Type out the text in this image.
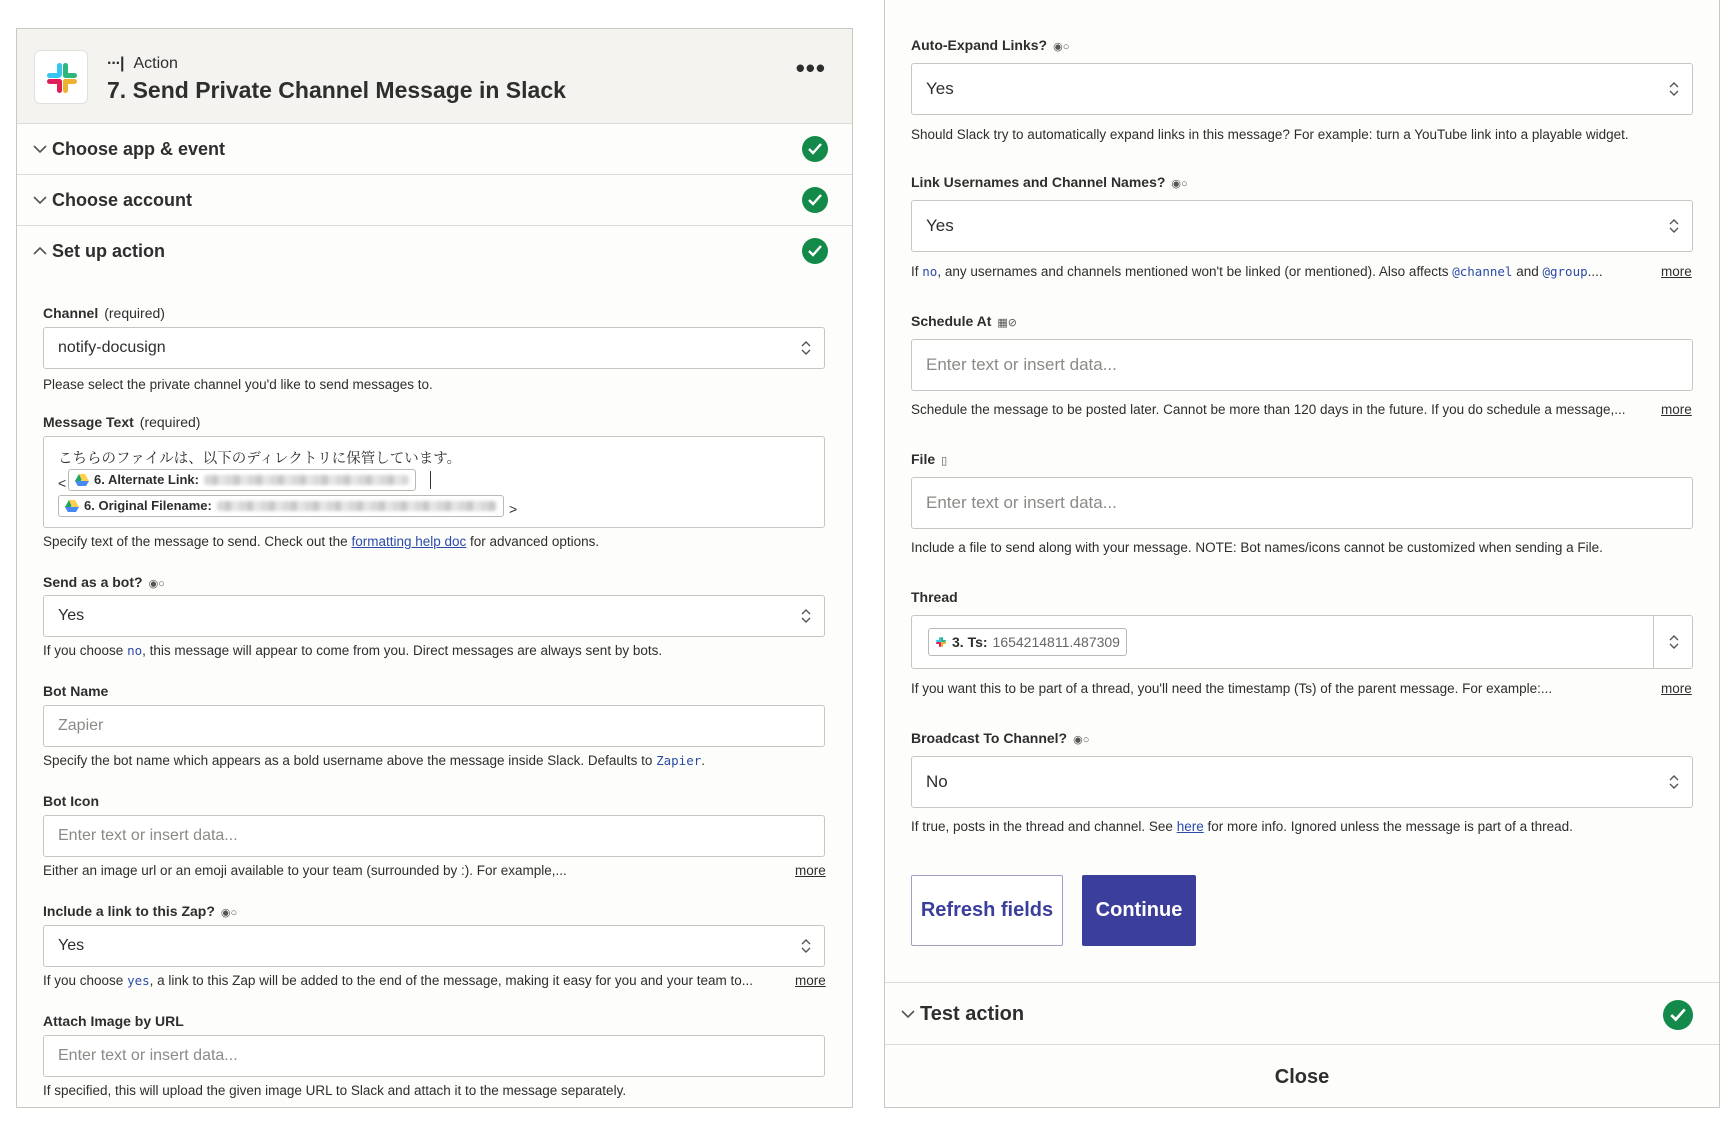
···| Action
7. Send Private Channel Message in Slack
•••
Choose app & event
Choose account
Set up action
Channel (required)
notify-docusign
Please select the private channel you'd like to send messages to.
Message Text (required)
こちらのファイルは、以下のディレクトリに保管しています。
< 6. Alternate Link:
6. Original Filename:	>
Specify text of the message to send. Check out the formatting help doc for advanced options.
Send as a bot? ◉○
Yes
If you choose no, this message will appear to come from you. Direct messages are always sent by bots.
Bot Name
Zapier
Specify the bot name which appears as a bold username above the message inside Slack. Defaults to Zapier.
Bot Icon
Enter text or insert data...
Either an image url or an emoji available to your team (surrounded by :). For example,...	more
Include a link to this Zap? ◉○
Yes
If you choose yes, a link to this Zap will be added to the end of the message, making it easy for you and your team to...	more
Attach Image by URL
Enter text or insert data...
If specified, this will upload the given image URL to Slack and attach it to the message separately.
Auto-Expand Links? ◉○
Yes
Should Slack try to automatically expand links in this message? For example: turn a YouTube link into a playable widget.
Link Usernames and Channel Names? ◉○
Yes
If no, any usernames and channels mentioned won't be linked (or mentioned). Also affects @channel and @group....	more
Schedule At ▦⊘
Enter text or insert data...
Schedule the message to be posted later. Cannot be more than 120 days in the future. If you do schedule a message,...	more
File ▯
Enter text or insert data...
Include a file to send along with your message. NOTE: Bot names/icons cannot be customized when sending a File.
Thread
3. Ts: 1654214811.487309
If you want this to be part of a thread, you'll need the timestamp (Ts) of the parent message. For example:...	more
Broadcast To Channel? ◉○
No
If true, posts in the thread and channel. See here for more info. Ignored unless the message is part of a thread.
Refresh fields	Continue
Test action
Close
